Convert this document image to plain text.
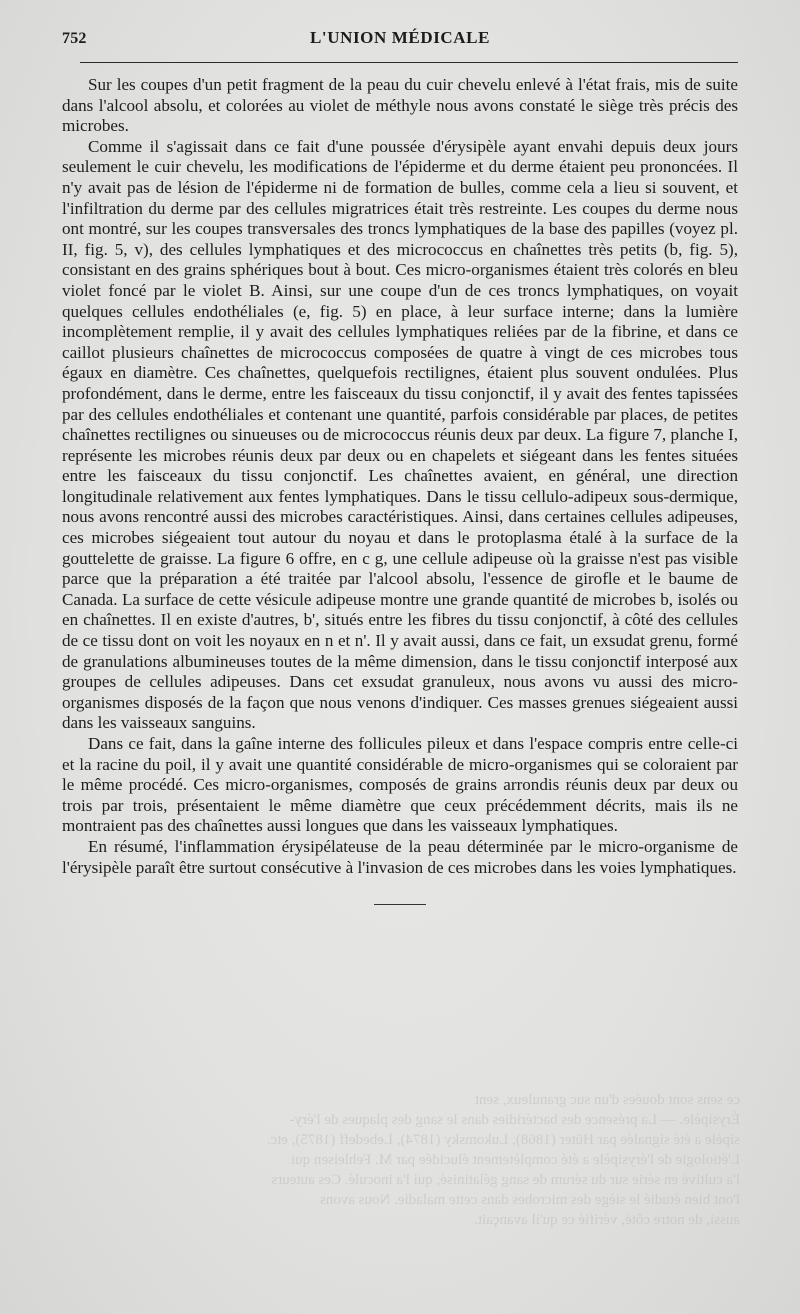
752	L'UNION MÉDICALE

Sur les coupes d'un petit fragment de la peau du cuir chevelu enlevé à l'état frais, mis de suite dans l'alcool absolu, et colorées au violet de méthyle nous avons constaté le siège très précis des microbes.

Comme il s'agissait dans ce fait d'une poussée d'érysipèle ayant envahi depuis deux jours seulement le cuir chevelu, les modifications de l'épiderme et du derme étaient peu prononcées. Il n'y avait pas de lésion de l'épiderme ni de formation de bulles, comme cela a lieu si souvent, et l'infiltration du derme par des cellules migratrices était très restreinte. Les coupes du derme nous ont montré, sur les coupes transversales des troncs lymphatiques de la base des papilles (voyez pl. II, fig. 5, v), des cellules lymphatiques et des micrococcus en chaînettes très petits (b, fig. 5), consistant en des grains sphériques bout à bout. Ces micro-organismes étaient très colorés en bleu violet foncé par le violet B. Ainsi, sur une coupe d'un de ces troncs lymphatiques, on voyait quelques cellules endothéliales (e, fig. 5) en place, à leur surface interne; dans la lumière incomplètement remplie, il y avait des cellules lymphatiques reliées par de la fibrine, et dans ce caillot plusieurs chaînettes de micrococcus composées de quatre à vingt de ces microbes tous égaux en diamètre. Ces chaînettes, quelquefois rectilignes, étaient plus souvent ondulées. Plus profondément, dans le derme, entre les faisceaux du tissu conjonctif, il y avait des fentes tapissées par des cellules endothéliales et contenant une quantité, parfois considérable par places, de petites chaînettes rectilignes ou sinueuses ou de micrococcus réunis deux par deux. La figure 7, planche I, représente les microbes réunis deux par deux ou en chapelets et siégeant dans les fentes situées entre les faisceaux du tissu conjonctif. Les chaînettes avaient, en général, une direction longitudinale relativement aux fentes lymphatiques. Dans le tissu cellulo-adipeux sous-dermique, nous avons rencontré aussi des microbes caractéristiques. Ainsi, dans certaines cellules adipeuses, ces microbes siégeaient tout autour du noyau et dans le protoplasma étalé à la surface de la gouttelette de graisse. La figure 6 offre, en c g, une cellule adipeuse où la graisse n'est pas visible parce que la préparation a été traitée par l'alcool absolu, l'essence de girofle et le baume de Canada. La surface de cette vésicule adipeuse montre une grande quantité de microbes b, isolés ou en chaînettes. Il en existe d'autres, b', situés entre les fibres du tissu conjonctif, à côté des cellules de ce tissu dont on voit les noyaux en n et n'. Il y avait aussi, dans ce fait, un exsudat grenu, formé de granulations albumineuses toutes de la même dimension, dans le tissu conjonctif interposé aux groupes de cellules adipeuses. Dans cet exsudat granuleux, nous avons vu aussi des micro-organismes disposés de la façon que nous venons d'indiquer. Ces masses grenues siégeaient aussi dans les vaisseaux sanguins.

Dans ce fait, dans la gaîne interne des follicules pileux et dans l'espace compris entre celle-ci et la racine du poil, il y avait une quantité considérable de micro-organismes qui se coloraient par le même procédé. Ces micro-organismes, composés de grains arrondis réunis deux par deux ou trois par trois, présentaient le même diamètre que ceux précédemment décrits, mais ils ne montraient pas des chaînettes aussi longues que dans les vaisseaux lymphatiques.

En résumé, l'inflammation érysipélateuse de la peau déterminée par le micro-organisme de l'érysipèle paraît être surtout consécutive à l'invasion de ces microbes dans les voies lymphatiques.

ce sens sont douées d'un suc granuleux, sent
Érysipèle. — La présence des bactéridies dans le sang des plaques de l'éry-
sipèle a été signalée par Hüter (1868), Lukomsky (1874), Lebedeff (1875), etc.
L'étiologie de l'érysipèle a été complètement élucidée par M. Fehleisen qui
l'a cultivé en série sur du sérum de sang gélatinisé, qui l'a inoculé. Ces auteurs
l'ont bien étudié le siège des microbes dans cette maladie. Nous avons
aussi, de notre côté, vérifié ce qu'il avançait.
